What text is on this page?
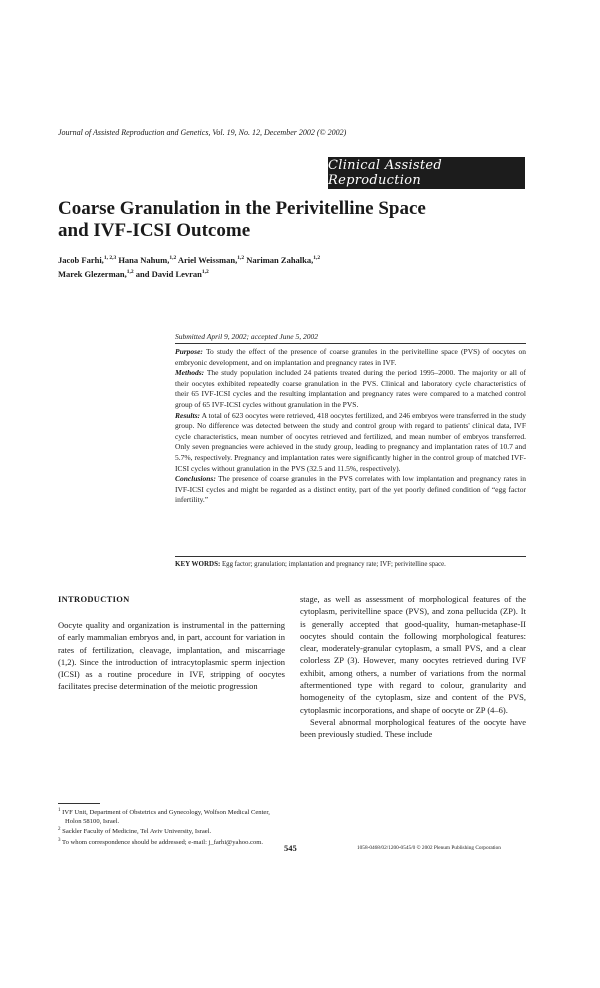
Journal of Assisted Reproduction and Genetics, Vol. 19, No. 12, December 2002 (© 2002)
Clinical Assisted Reproduction
Coarse Granulation in the Perivitelline Space
and IVF-ICSI Outcome
Jacob Farhi,$^{1, 2,3}$ Hana Nahum,$^{1,2}$ Ariel Weissman,$^{1,2}$ Nariman Zahalka,$^{1,2}$
Marek Glezerman,$^{1,2}$ and David Levran$^{1,2}$
Submitted April 9, 2002; accepted June 5, 2002

Purpose: To study the effect of the presence of coarse granules in the perivitelline space (PVS) of oocytes on embryonic development, and on implantation and pregnancy rates in IVF.

Methods: The study population included 24 patients treated during the period 1995–2000. The majority or all of their oocytes exhibited repeatedly coarse granulation in the PVS. Clinical and laboratory cycle characteristics of their 65 IVF-ICSI cycles and the resulting implantation and pregnancy rates were compared to a matched control group of 65 IVF-ICSI cycles without granulation in the PVS.

Results: A total of 623 oocytes were retrieved, 418 oocytes fertilized, and 246 embryos were transferred in the study group. No difference was detected between the study and control group with regard to patients' clinical data, IVF cycle characteristics, mean number of oocytes retrieved and fertilized, and mean number of embryos transferred. Only seven pregnancies were achieved in the study group, leading to pregnancy and implantation rates of 10.7 and 5.7%, respectively. Pregnancy and implantation rates were significantly higher in the control group of matched IVF-ICSI cycles without granulation in the PVS (32.5 and 11.5%, respectively).

Conclusions: The presence of coarse granules in the PVS correlates with low implantation and pregnancy rates in IVF-ICSI cycles and might be regarded as a distinct entity, part of the yet poorly defined condition of “egg factor infertility.”

KEY WORDS: Egg factor; granulation; implantation and pregnancy rate; IVF; perivitelline space.
INTRODUCTION

Oocyte quality and organization is instrumental in the patterning of early mammalian embryos and, in part, account for variation in rates of fertilization, cleavage, implantation, and miscarriage (1,2). Since the introduction of intracytoplasmic sperm injection (ICSI) as a routine procedure in IVF, stripping of oocytes facilitates precise determination of the meiotic progression

stage, as well as assessment of morphological features of the cytoplasm, perivitelline space (PVS), and zona pellucida (ZP). It is generally accepted that good-quality, human-metaphase-II oocytes should contain the following morphological features: clear, moderately-granular cytoplasm, a small PVS, and a clear colorless ZP (3). However, many oocytes retrieved during IVF exhibit, among others, a number of variations from the normal aftermentioned type with regard to colour, granularity and homogeneity of the cytoplasm, size and content of the PVS, cytoplasmic incorporations, and shape of oocyte or ZP (4–6).

Several abnormal morphological features of the oocyte have been previously studied. These include

$^1$ IVF Unit, Department of Obstetrics and Gynecology, Wolfson Medical Center, Holon 58100, Israel.
$^2$ Sackler Faculty of Medicine, Tel Aviv University, Israel.
$^3$ To whom correspondence should be addressed; e-mail: j_farhi@yahoo.com.
545	1058-0468/02/1200-0545/0 © 2002 Plenum Publishing Corporation
